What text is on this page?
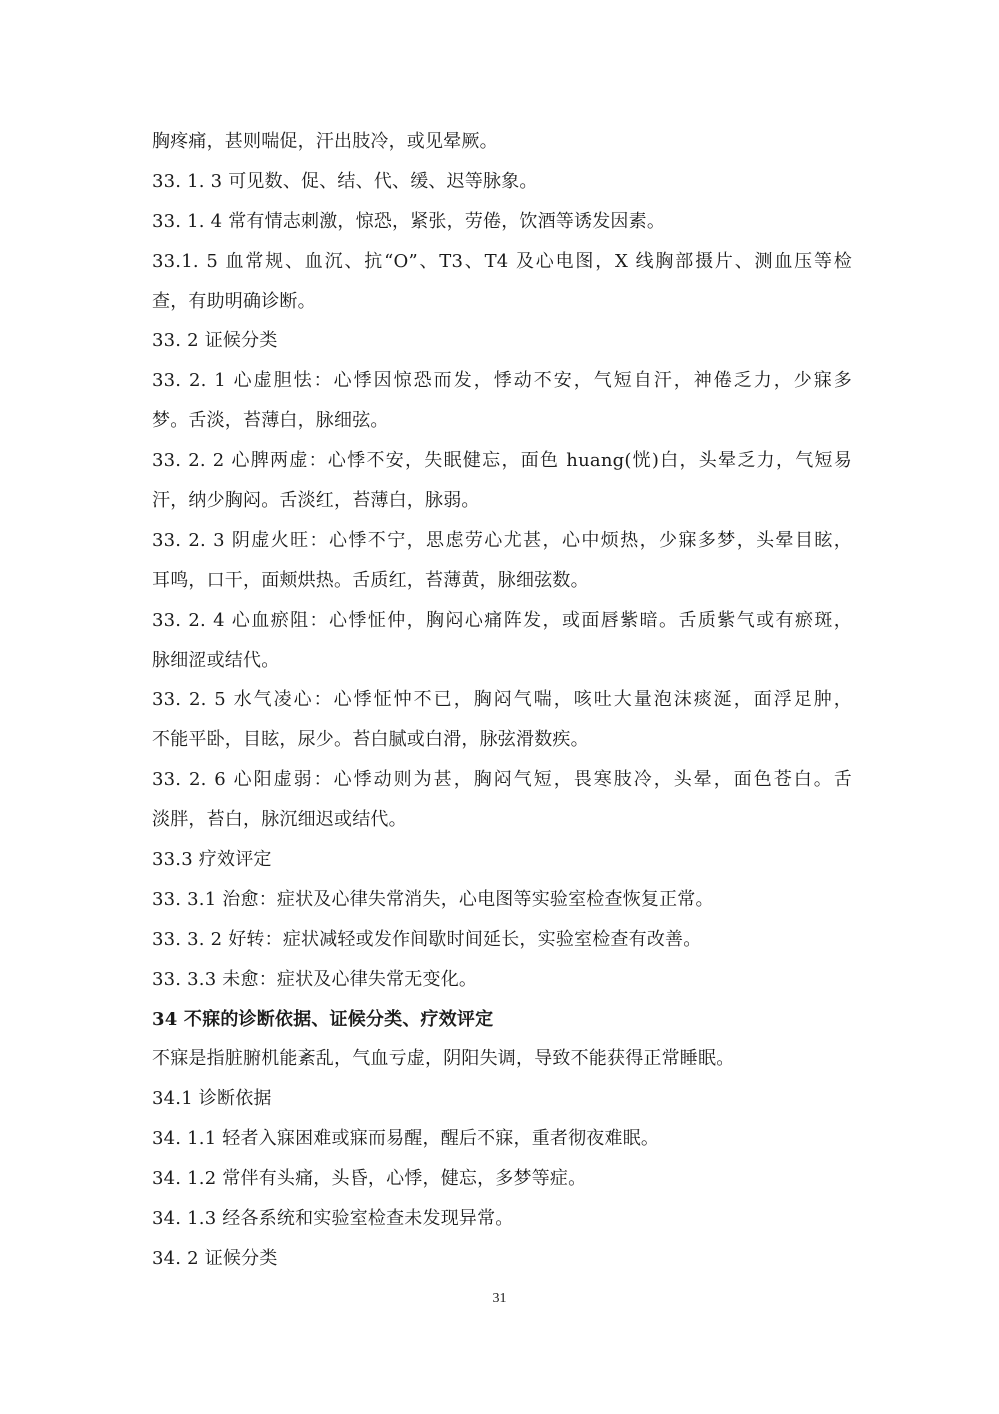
胸疼痛，甚则喘促，汗出肢冷，或见晕厥。
33. 1. 3 可见数、促、结、代、缓、迟等脉象。
33. 1. 4 常有情志刺激，惊恐，紧张，劳倦，饮酒等诱发因素。
33.1. 5 血常规、血沉、抗“O”、T3、T4 及心电图，X 线胸部摄片、测血压等检
查，有助明确诊断。
33. 2 证候分类
33. 2. 1 心虚胆怯：心悸因惊恐而发，悸动不安，气短自汗，神倦乏力，少寐多
梦。舌淡，苔薄白，脉细弦。
33. 2. 2 心脾两虚：心悸不安，失眠健忘，面色 huang(恍)白，头晕乏力，气短易
汗，纳少胸闷。舌淡红，苔薄白，脉弱。
33. 2. 3 阴虚火旺：心悸不宁，思虑劳心尤甚，心中烦热，少寐多梦，头晕目眩，
耳鸣，口干，面颊烘热。舌质红，苔薄黄，脉细弦数。
33. 2. 4 心血瘀阻：心悸怔仲，胸闷心痛阵发，或面唇紫暗。舌质紫气或有瘀斑，
脉细涩或结代。
33. 2. 5 水气凌心：心悸怔忡不已，胸闷气喘，咳吐大量泡沫痰涎，面浮足肿，
不能平卧，目眩，尿少。苔白腻或白滑，脉弦滑数疾。
33. 2. 6 心阳虚弱：心悸动则为甚，胸闷气短，畏寒肢冷，头晕，面色苍白。舌
淡胖，苔白，脉沉细迟或结代。
33.3 疗效评定
33. 3.1 治愈：症状及心律失常消失，心电图等实验室检查恢复正常。
33. 3. 2 好转：症状减轻或发作间歇时间延长，实验室检查有改善。
33. 3.3 未愈：症状及心律失常无变化。
34 不寐的诊断依据、证候分类、疗效评定
不寐是指脏腑机能紊乱，气血亏虚，阴阳失调，导致不能获得正常睡眠。
34.1 诊断依据
34. 1.1 轻者入寐困难或寐而易醒，醒后不寐，重者彻夜难眠。
34. 1.2 常伴有头痛，头昏，心悸，健忘，多梦等症。
34. 1.3 经各系统和实验室检查未发现异常。
34. 2 证候分类
31
